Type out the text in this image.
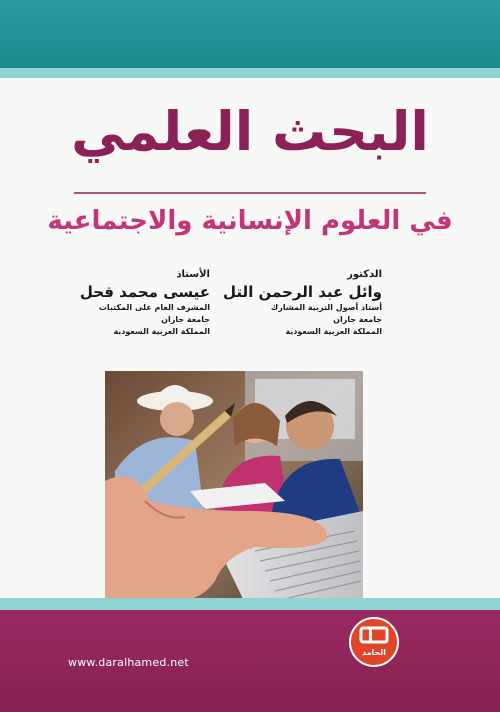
البحث العلمي
في العلوم الإنسانية والاجتماعية
الدكتور
وائل عبد الرحمن التل
أستاذ أصول التربية المشارك
جامعة جازان
المملكة العربية السعودية
الأستاذ
عيسى محمد قحل
المشرف العام على المكتبات
جامعة جازان
المملكة العربية السعودية
www.daralhamed.net
الحامد
